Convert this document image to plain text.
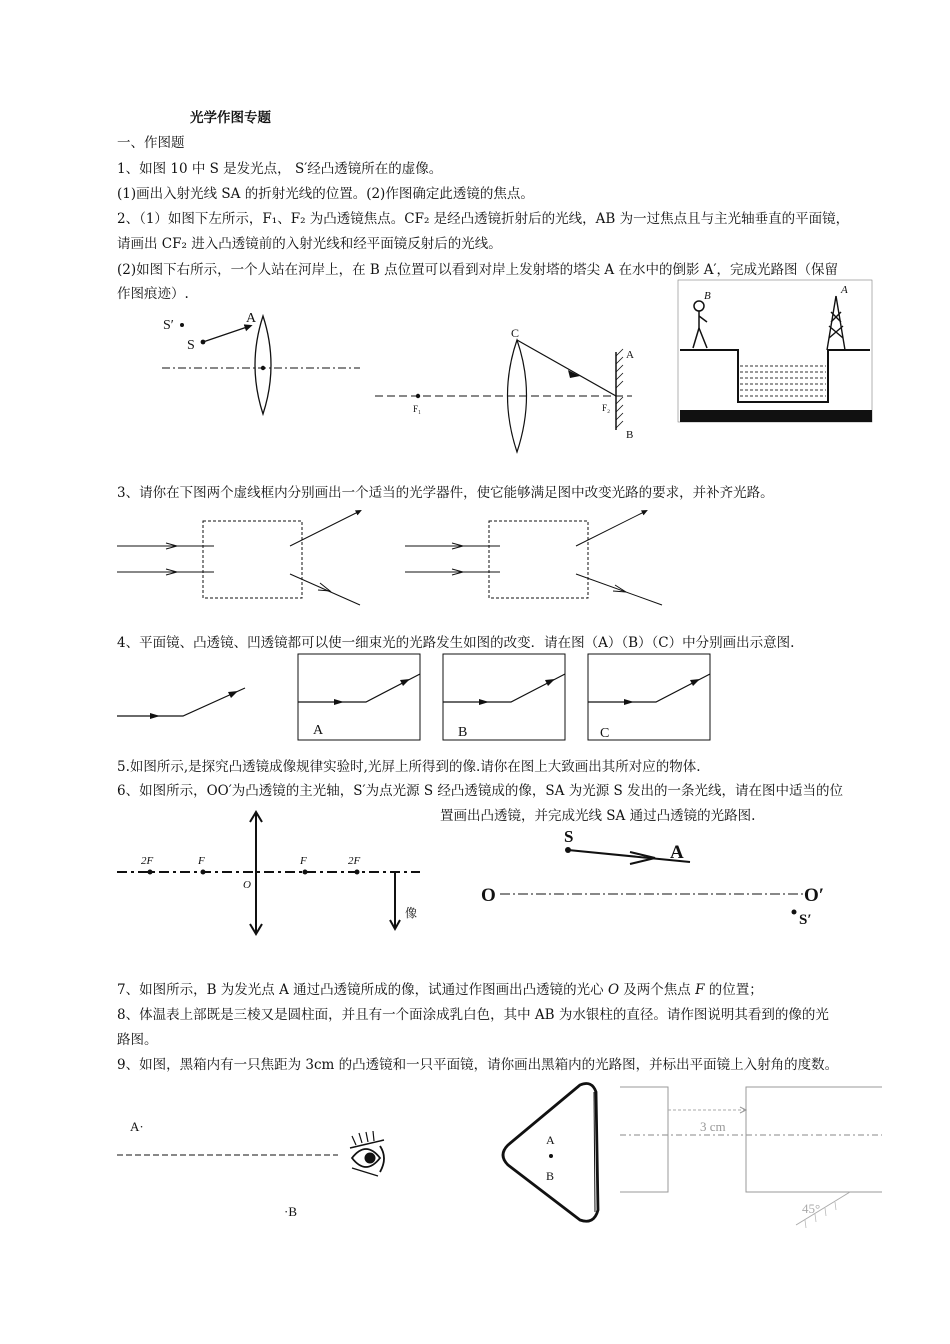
光学作图专题
一、作图题
1、如图 10 中 S 是发光点， S′经凸透镜所在的虚像。
(1)画出入射光线 SA 的折射光线的位置。(2)作图确定此透镜的焦点。
2、（1）如图下左所示，F₁、F₂ 为凸透镜焦点。CF₂ 是经凸透镜折射后的光线，AB 为一过焦点且与主光轴垂直的平面镜，
请画出 CF₂ 进入凸透镜前的入射光线和经平面镜反射后的光线。
(2)如图下右所示，一个人站在河岸上，在 B 点位置可以看到对岸上发射塔的塔尖 A 在水中的倒影 A′，完成光路图（保留
作图痕迹）.
3、请你在下图两个虚线框内分别画出一个适当的光学器件，使它能够满足图中改变光路的要求，并补齐光路。
4、平面镜、凸透镜、凹透镜都可以使一细束光的光路发生如图的改变．请在图（A）（B）（C）中分别画出示意图.
5.如图所示,是探究凸透镜成像规律实验时,光屏上所得到的像.请你在图上大致画出其所对应的物体.
6、如图所示，OO′为凸透镜的主光轴，S′为点光源 S 经凸透镜成的像，SA 为光源 S 发出的一条光线，请在图中适当的位
置画出凸透镜，并完成光线 SA 通过凸透镜的光路图.
7、如图所示，B 为发光点 A 通过凸透镜所成的像，试通过作图画出凸透镜的光心 O 及两个焦点 F 的位置；
8、体温表上部既是三棱又是圆柱面，并且有一个面涂成乳白色，其中 AB 为水银柱的直径。请作图说明其看到的像的光
路图。
9、如图，黑箱内有一只焦距为 3cm 的凸透镜和一只平面镜，请你画出黑箱内的光路图，并标出平面镜上入射角的度数。
S′
S
A
C
A
B
F₁	F₂
B	A
A	B	C
2F	F
O
F	2F
像
S
A
O	O′
S′
A·
·B
A
B
3 cm
45°
